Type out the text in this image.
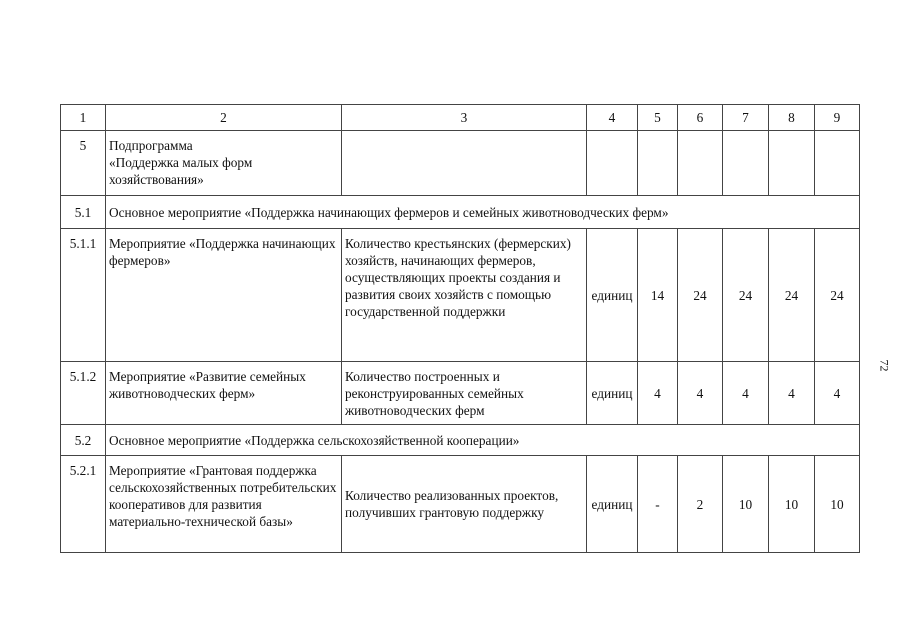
1	2	3	4	5	6	7	8	9
5	Подпрограмма
«Поддержка малых форм
хозяйствования»							
5.1	Основное мероприятие «Поддержка начинающих фермеров и семейных животноводческих ферм»							
5.1.1	Мероприятие «Поддержка начинающих фермеров»	Количество крестьянских (фермерских) хозяйств, начинающих фермеров, осуществляющих проекты создания и развития своих хозяйств с помощью государственной поддержки	единиц	14	24	24	24	24
5.1.2	Мероприятие «Развитие семейных животноводческих ферм»	Количество построенных и реконструированных семейных животноводческих ферм	единиц	4	4	4	4	4
5.2	Основное мероприятие «Поддержка сельскохозяйственной кооперации»							
5.2.1	Мероприятие «Грантовая поддержка сельскохозяйственных потребительских кооперативов для развития материально-технической базы»	Количество реализованных проектов, получивших грантовую поддержку	единиц	-	2	10	10	10
72
